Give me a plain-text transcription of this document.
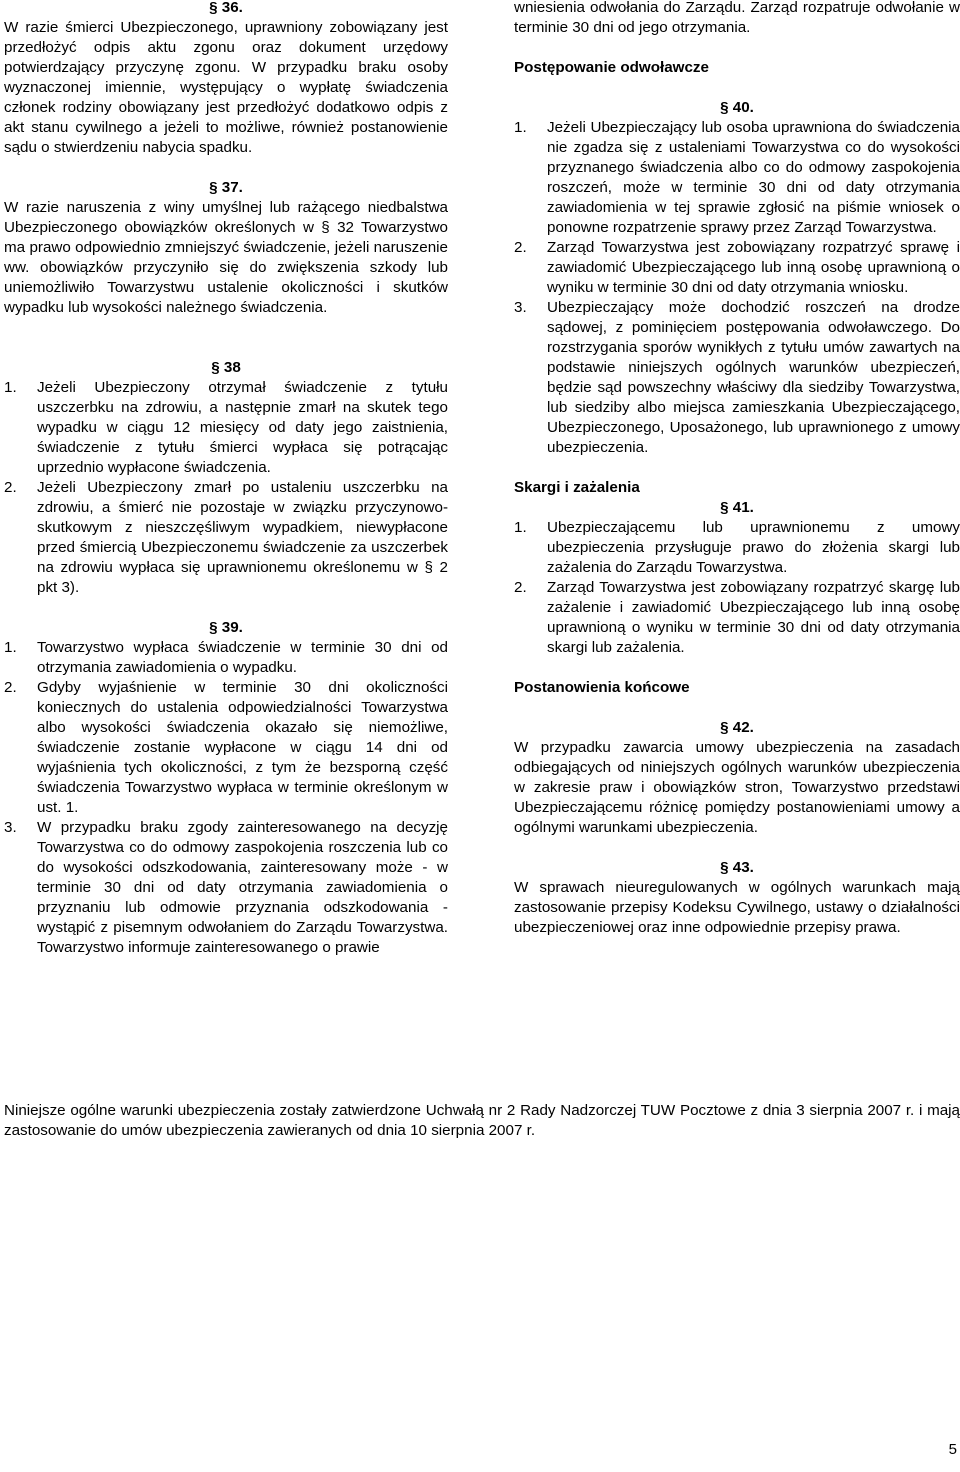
§ 36.

W razie śmierci Ubezpieczonego, uprawniony zobowiązany jest przedłożyć odpis aktu zgonu oraz dokument urzędowy potwierdzający przyczynę zgonu. W przypadku braku osoby wyznaczonej imiennie, występujący o wypłatę świadczenia członek rodziny obowiązany jest przedłożyć dodatkowo odpis z akt stanu cywilnego a jeżeli to możliwe, również postanowienie sądu o stwierdzeniu nabycia spadku.

§ 37.

W razie naruszenia z winy umyślnej lub rażącego niedbalstwa Ubezpieczonego obowiązków określonych w § 32 Towarzystwo ma prawo odpowiednio zmniejszyć świadczenie, jeżeli naruszenie ww. obowiązków przyczyniło się do zwiększenia szkody lub uniemożliwiło Towarzystwu ustalenie okoliczności i skutków wypadku lub wysokości należnego świadczenia.

§ 38

1. Jeżeli Ubezpieczony otrzymał świadczenie z tytułu uszczerbku na zdrowiu, a następnie zmarł na skutek tego wypadku w ciągu 12 miesięcy od daty jego zaistnienia, świadczenie z tytułu śmierci wypłaca się potrącając uprzednio wypłacone świadczenia.
2. Jeżeli Ubezpieczony zmarł po ustaleniu uszczerbku na zdrowiu, a śmierć nie pozostaje w związku przyczynowo-skutkowym z nieszczęśliwym wypadkiem, niewypłacone przed śmiercią Ubezpieczonemu świadczenie za uszczerbek na zdrowiu wypłaca się uprawnionemu określonemu w § 2 pkt 3).

§ 39.

1. Towarzystwo wypłaca świadczenie w terminie 30 dni od otrzymania zawiadomienia o wypadku.
2. Gdyby wyjaśnienie w terminie 30 dni okoliczności koniecznych do ustalenia odpowiedzialności Towarzystwa albo wysokości świadczenia okazało się niemożliwe, świadczenie zostanie wypłacone w ciągu 14 dni od wyjaśnienia tych okoliczności, z tym że bezsporną część świadczenia Towarzystwo wypłaca w terminie określonym w ust. 1.
3. W przypadku braku zgody zainteresowanego na decyzję Towarzystwa co do odmowy zaspokojenia roszczenia lub co do wysokości odszkodowania, zainteresowany może - w terminie 30 dni od daty otrzymania zawiadomienia o przyznaniu lub odmowie przyznania odszkodowania - wystąpić z pisemnym odwołaniem do Zarządu Towarzystwa. Towarzystwo informuje zainteresowanego o prawie

wniesienia odwołania do Zarządu. Zarząd rozpatruje odwołanie w terminie 30 dni od jego otrzymania.

Postępowanie odwoławcze

§ 40.

1. Jeżeli Ubezpieczający lub osoba uprawniona do świadczenia nie zgadza się z ustaleniami Towarzystwa co do wysokości przyznanego świadczenia albo co do odmowy zaspokojenia roszczeń, może w terminie 30 dni od daty otrzymania zawiadomienia w tej sprawie zgłosić na piśmie wniosek o ponowne rozpatrzenie sprawy przez Zarząd Towarzystwa.
2. Zarząd Towarzystwa jest zobowiązany rozpatrzyć sprawę i zawiadomić Ubezpieczającego lub inną osobę uprawnioną o wyniku w terminie 30 dni od daty otrzymania wniosku.
3. Ubezpieczający może dochodzić roszczeń na drodze sądowej, z pominięciem postępowania odwoławczego. Do rozstrzygania sporów wynikłych z tytułu umów zawartych na podstawie niniejszych ogólnych warunków ubezpieczeń, będzie sąd powszechny właściwy dla siedziby Towarzystwa, lub siedziby albo miejsca zamieszkania Ubezpieczającego, Ubezpieczonego, Uposażonego, lub uprawnionego z umowy ubezpieczenia.

Skargi i zażalenia

§ 41.

1. Ubezpieczającemu lub uprawnionemu z umowy ubezpieczenia przysługuje prawo do złożenia skargi lub zażalenia do Zarządu Towarzystwa.
2. Zarząd Towarzystwa jest zobowiązany rozpatrzyć skargę lub zażalenie i zawiadomić Ubezpieczającego lub inną osobę uprawnioną o wyniku w terminie 30 dni od daty otrzymania skargi lub zażalenia.

Postanowienia końcowe

§ 42.

W przypadku zawarcia umowy ubezpieczenia na zasadach odbiegających od niniejszych ogólnych warunków ubezpieczenia w zakresie praw i obowiązków stron, Towarzystwo przedstawi Ubezpieczającemu różnicę pomiędzy postanowieniami umowy a ogólnymi warunkami ubezpieczenia.

§ 43.

W sprawach nieuregulowanych w ogólnych warunkach mają zastosowanie przepisy Kodeksu Cywilnego, ustawy o działalności ubezpieczeniowej oraz inne odpowiednie przepisy prawa.

Niniejsze ogólne warunki ubezpieczenia zostały zatwierdzone Uchwałą nr 2 Rady Nadzorczej TUW Pocztowe z dnia 3 sierpnia 2007 r. i mają zastosowanie do umów ubezpieczenia zawieranych od dnia 10 sierpnia 2007 r.

5
